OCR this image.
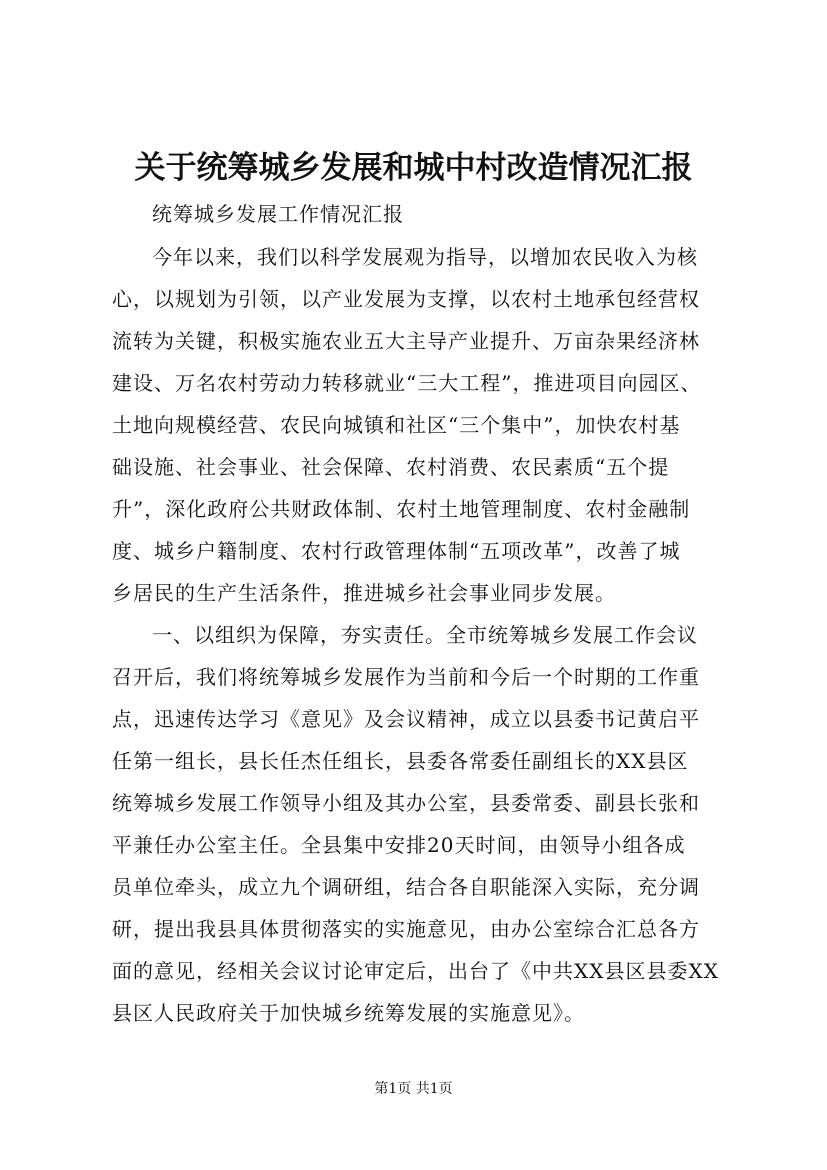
关于统筹城乡发展和城中村改造情况汇报
统筹城乡发展工作情况汇报
今年以来，我们以科学发展观为指导，以增加农民收入为核
心，以规划为引领，以产业发展为支撑，以农村土地承包经营权
流转为关键，积极实施农业五大主导产业提升、万亩杂果经济林
建设、万名农村劳动力转移就业“三大工程”，推进项目向园区、
土地向规模经营、农民向城镇和社区“三个集中”，加快农村基
础设施、社会事业、社会保障、农村消费、农民素质“五个提
升”，深化政府公共财政体制、农村土地管理制度、农村金融制
度、城乡户籍制度、农村行政管理体制“五项改革”，改善了城
乡居民的生产生活条件，推进城乡社会事业同步发展。
一、以组织为保障，夯实责任。全市统筹城乡发展工作会议
召开后，我们将统筹城乡发展作为当前和今后一个时期的工作重
点，迅速传达学习《意见》及会议精神，成立以县委书记黄启平
任第一组长，县长任杰任组长，县委各常委任副组长的XX县区
统筹城乡发展工作领导小组及其办公室，县委常委、副县长张和
平兼任办公室主任。全县集中安排20天时间，由领导小组各成
员单位牵头，成立九个调研组，结合各自职能深入实际，充分调
研，提出我县具体贯彻落实的实施意见，由办公室综合汇总各方
面的意见，经相关会议讨论审定后，出台了《中共XX县区县委XX
县区人民政府关于加快城乡统筹发展的实施意见》。
第1页 共1页
